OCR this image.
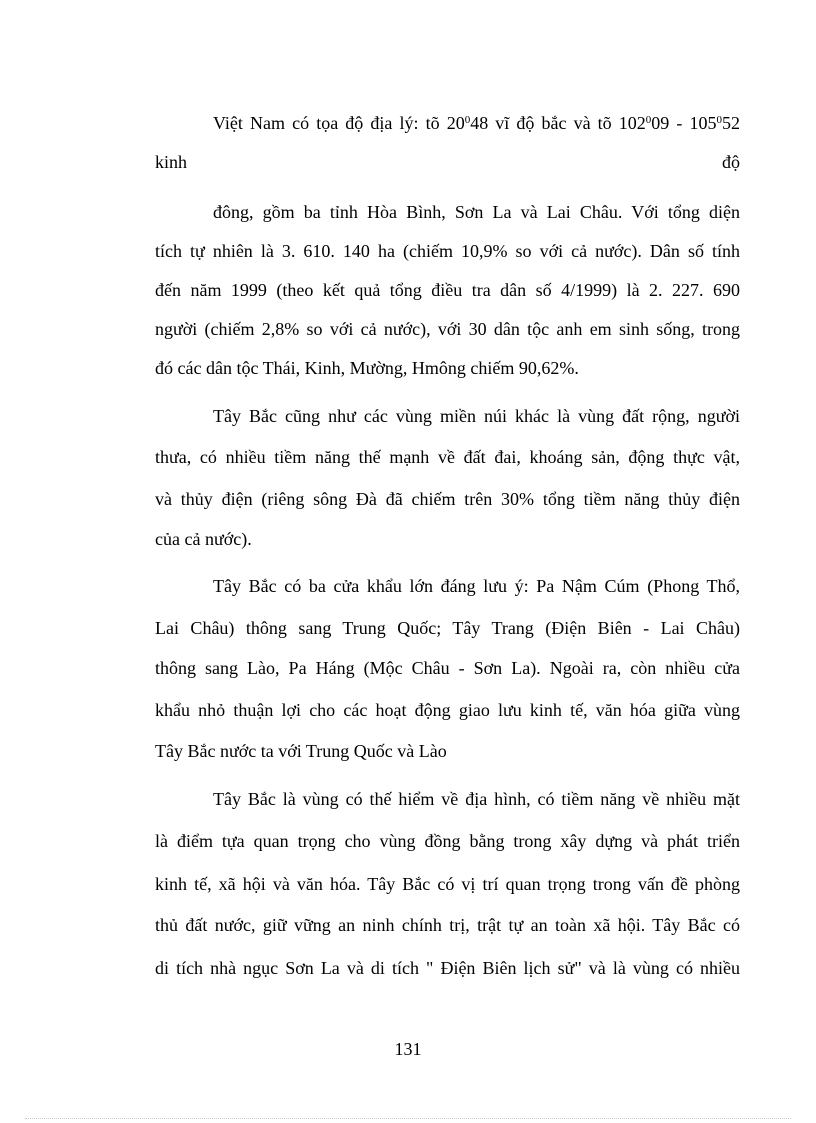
Việt Nam có tọa độ địa lý: tõ $20^048$ vĩ độ bắc và tõ $102^009 - 105^052$
kinh	độ
đông, gồm ba tỉnh Hòa Bình, Sơn La và Lai Châu. Với tổng diện
tích tự nhiên là 3. 610. 140 ha (chiếm 10,9% so với cả nước). Dân số tính
đến năm 1999 (theo kết quả tổng điều tra dân số 4/1999) là 2. 227. 690
người (chiếm 2,8% so với cả nước), với 30 dân tộc anh em sinh sống, trong
đó các dân tộc Thái, Kinh, Mường, Hmông chiếm 90,62%.
Tây Bắc cũng như các vùng miền núi khác là vùng đất rộng, người
thưa, có nhiều tiềm năng thế mạnh về đất đai, khoáng sản, động thực vật,
và thủy điện (riêng sông Đà đã chiếm trên 30% tổng tiềm năng thủy điện
của cả nước).
Tây Bắc có ba cửa khẩu lớn đáng lưu ý: Pa Nậm Cúm (Phong Thổ,
Lai Châu) thông sang Trung Quốc; Tây Trang (Điện Biên - Lai Châu)
thông sang Lào, Pa Háng (Mộc Châu - Sơn La). Ngoài ra, còn nhiều cửa
khẩu nhỏ thuận lợi cho các hoạt động giao lưu kinh tế, văn hóa giữa vùng
Tây Bắc nước ta với Trung Quốc và Lào
Tây Bắc là vùng có thế hiểm về địa hình, có tiềm năng về nhiều mặt
là điểm tựa quan trọng cho vùng đồng bằng trong xây dựng và phát triển
kinh tế, xã hội và văn hóa. Tây Bắc có vị trí quan trọng trong vấn đề phòng
thủ đất nước, giữ vững an ninh chính trị, trật tự an toàn xã hội. Tây Bắc có
di tích nhà ngục Sơn La và di tích " Điện Biên lịch sử" và là vùng có nhiều
131
